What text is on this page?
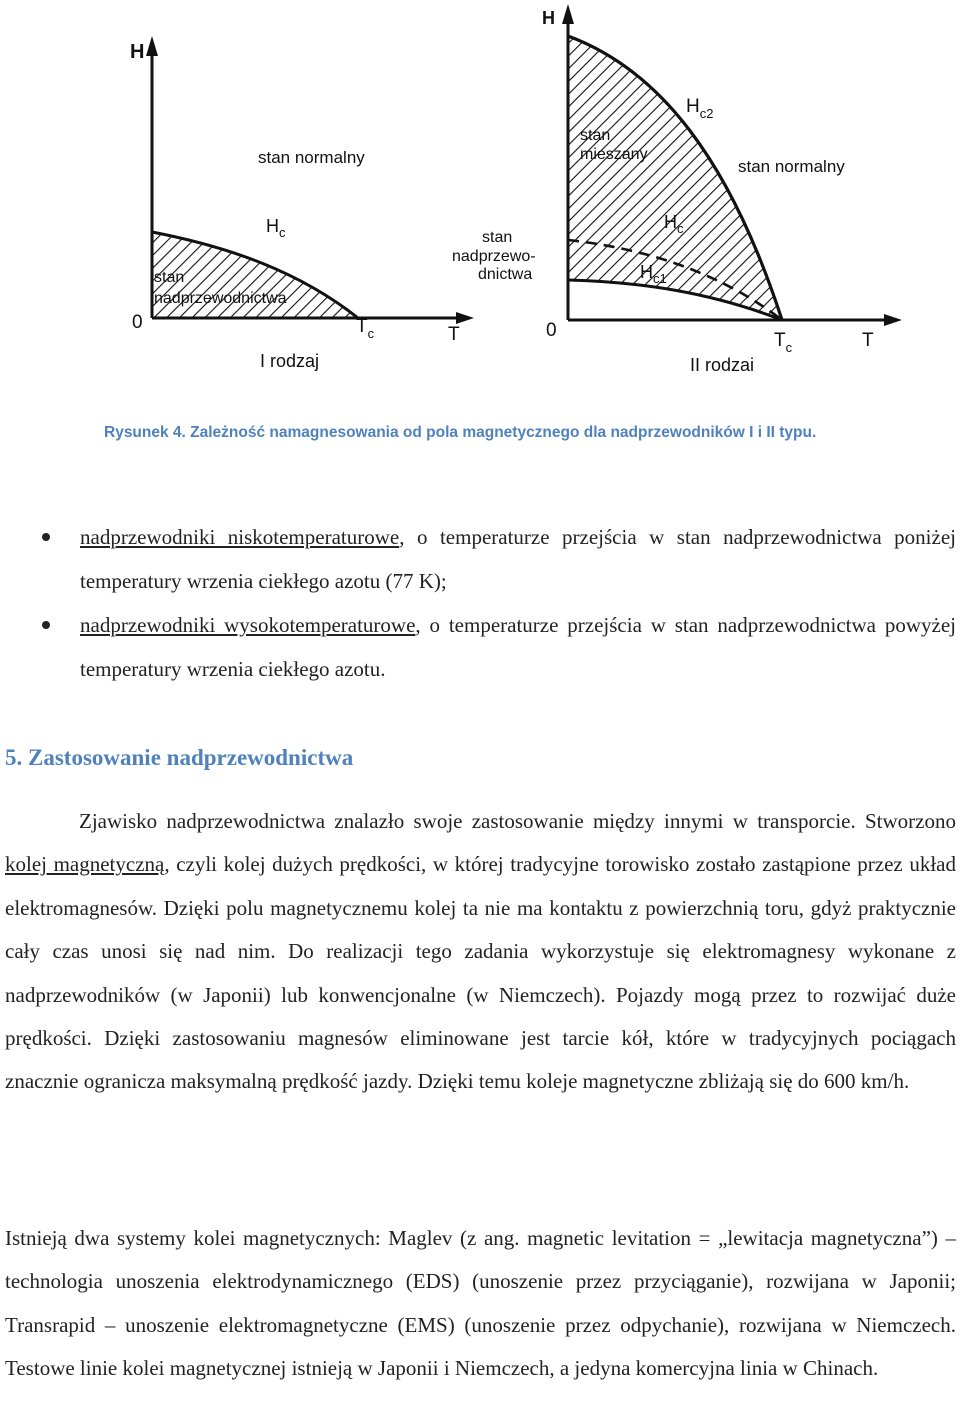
H
0
T
$T_c$
$H_c$
stan normalny
stan
nadprzewodnictwa
I rodzaj
H
0	T
$T_c$
$H_{c2}$
$H_c$
$H_{c1}$
stan
mieszany
stan normalny
stan
nadprzewo-
dnictwa
II rodzai
Rysunek 4. Zależność namagnesowania od pola magnetycznego dla nadprzewodników I i II typu.
nadprzewodniki niskotemperaturowe, o temperaturze przejścia w stan nadprzewodnictwa poniżej temperatury wrzenia ciekłego azotu (77 K);
nadprzewodniki wysokotemperaturowe, o temperaturze przejścia w stan nadprzewodnictwa powyżej temperatury wrzenia ciekłego azotu.
5. Zastosowanie nadprzewodnictwa
Zjawisko nadprzewodnictwa znalazło swoje zastosowanie między innymi w transporcie. Stworzono kolej magnetyczną, czyli kolej dużych prędkości, w której tradycyjne torowisko zostało zastąpione przez układ elektromagnesów. Dzięki polu magnetycznemu kolej ta nie ma kontaktu z powierzchnią toru, gdyż praktycznie cały czas unosi się nad nim. Do realizacji tego zadania wykorzystuje się elektromagnesy wykonane z nadprzewodników (w Japonii) lub konwencjonalne (w Niemczech). Pojazdy mogą przez to rozwijać duże prędkości. Dzięki zastosowaniu magnesów eliminowane jest tarcie kół, które w tradycyjnych pociągach znacznie ogranicza maksymalną prędkość jazdy. Dzięki temu koleje magnetyczne zbliżają się do 600 km/h.
Istnieją dwa systemy kolei magnetycznych: Maglev (z ang. magnetic levitation = „lewitacja magnetyczna”) – technologia unoszenia elektrodynamicznego (EDS) (unoszenie przez przyciąganie), rozwijana w Japonii; Transrapid – unoszenie elektromagnetyczne (EMS) (unoszenie przez odpychanie), rozwijana w Niemczech. Testowe linie kolei magnetycznej istnieją w Japonii i Niemczech, a jedyna komercyjna linia w Chinach.
